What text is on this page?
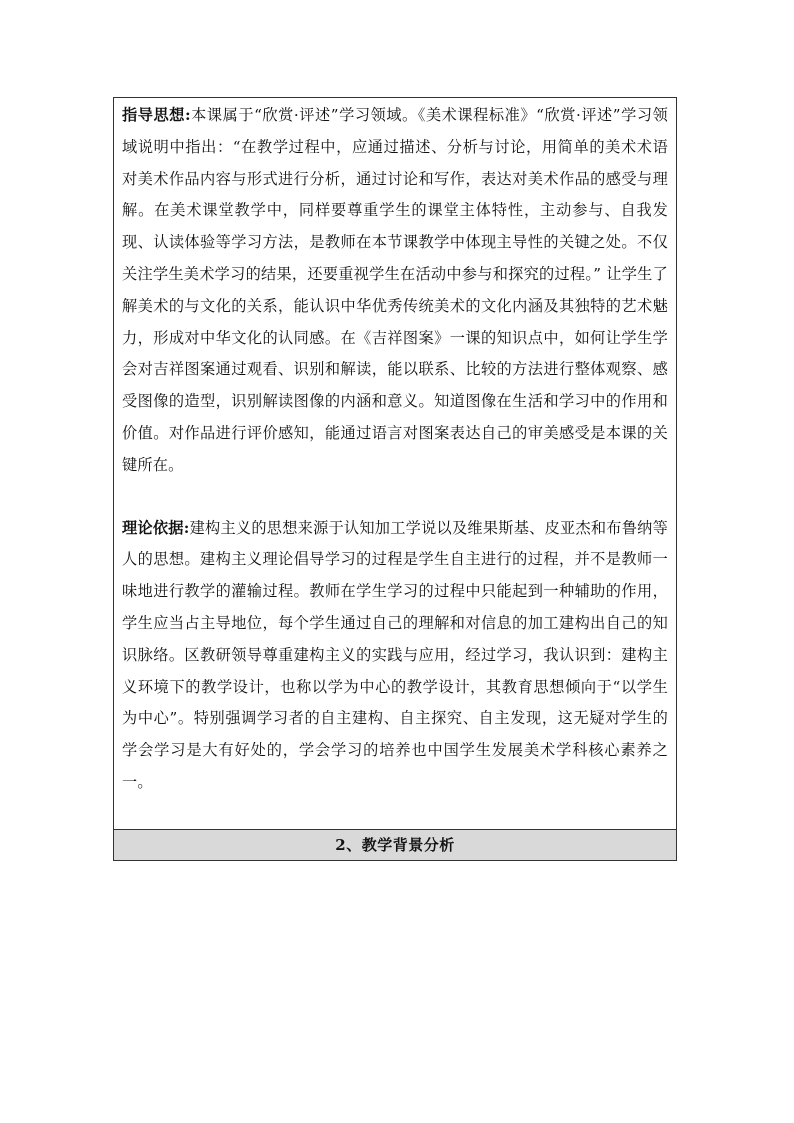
指导思想:本课属于“欣赏·评述”学习领域。《美术课程标准》“欣赏·评述”学习领域说明中指出：“在教学过程中，应通过描述、分析与讨论，用简单的美术术语对美术作品内容与形式进行分析，通过讨论和写作，表达对美术作品的感受与理解。在美术课堂教学中，同样要尊重学生的课堂主体特性，主动参与、自我发现、认读体验等学习方法，是教师在本节课教学中体现主导性的关键之处。不仅关注学生美术学习的结果，还要重视学生在活动中参与和探究的过程。” 让学生了解美术的与文化的关系，能认识中华优秀传统美术的文化内涵及其独特的艺术魅力，形成对中华文化的认同感。在《吉祥图案》一课的知识点中，如何让学生学会对吉祥图案通过观看、识别和解读，能以联系、比较的方法进行整体观察、感受图像的造型，识别解读图像的内涵和意义。知道图像在生活和学习中的作用和价值。对作品进行评价感知，能通过语言对图案表达自己的审美感受是本课的关键所在。

理论依据:建构主义的思想来源于认知加工学说以及维果斯基、皮亚杰和布鲁纳等人的思想。建构主义理论倡导学习的过程是学生自主进行的过程，并不是教师一味地进行教学的灌输过程。教师在学生学习的过程中只能起到一种辅助的作用，学生应当占主导地位，每个学生通过自己的理解和对信息的加工建构出自己的知识脉络。区教研领导尊重建构主义的实践与应用，经过学习，我认识到：建构主义环境下的教学设计，也称以学为中心的教学设计，其教育思想倾向于“以学生为中心”。特别强调学习者的自主建构、自主探究、自主发现，这无疑对学生的学会学习是大有好处的，学会学习的培养也中国学生发展美术学科核心素养之一。

2、教学背景分析
